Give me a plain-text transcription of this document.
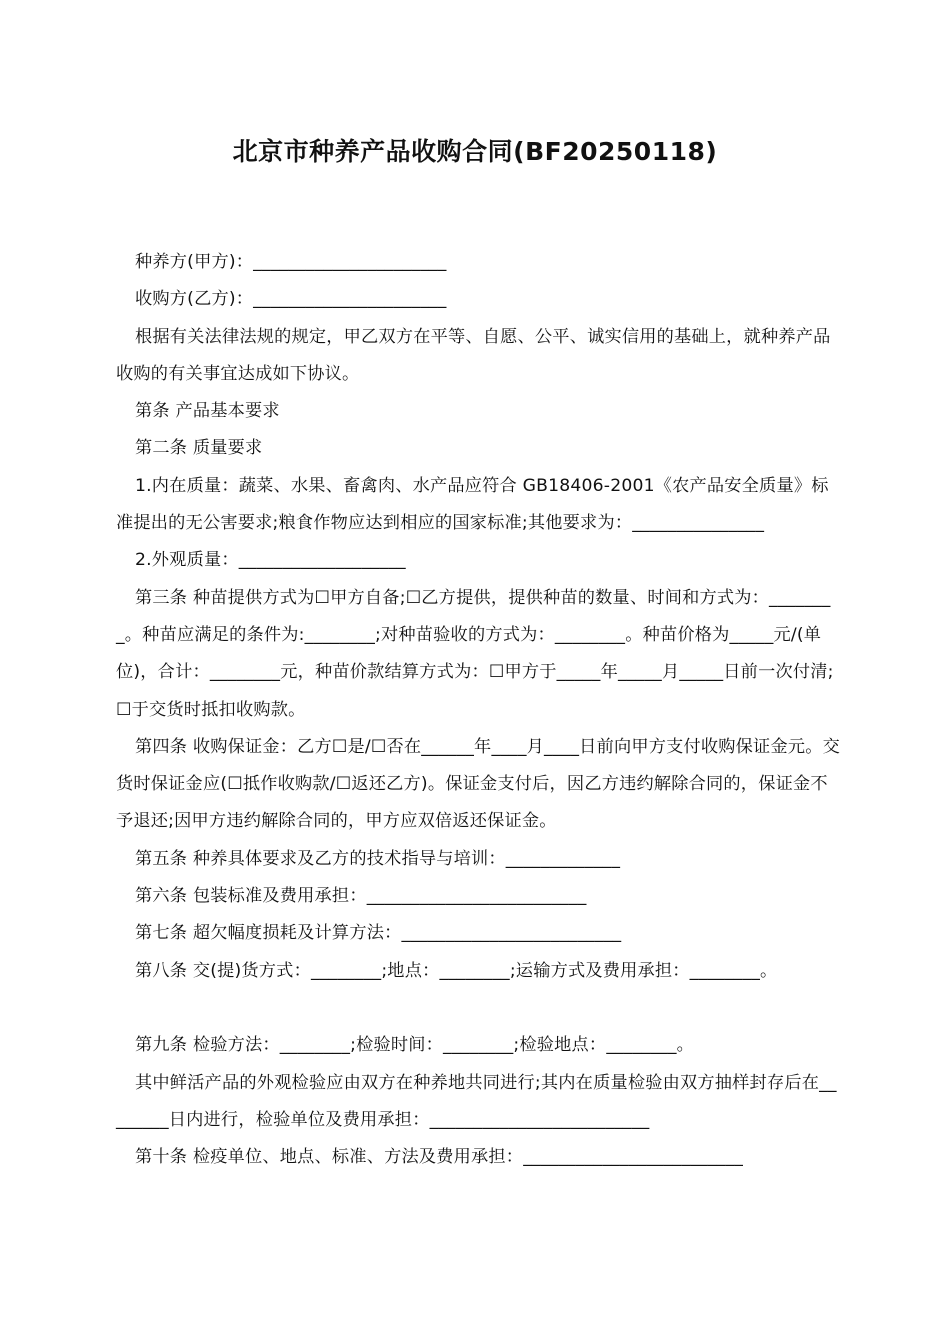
北京市种养产品收购合同(BF20250118)

种养方(甲方)：______________________

收购方(乙方)：______________________

根据有关法律法规的规定，甲乙双方在平等、自愿、公平、诚实信用的基础上，就种养产品收购的有关事宜达成如下协议。

第条 产品基本要求

第二条 质量要求

1.内在质量：蔬菜、水果、畜禽肉、水产品应符合 GB18406-2001《农产品安全质量》标准提出的无公害要求;粮食作物应达到相应的国家标准;其他要求为：_______________

2.外观质量：___________________

第三条 种苗提供方式为☐甲方自备;☐乙方提供，提供种苗的数量、时间和方式为：________。种苗应满足的条件为:________;对种苗验收的方式为：________。种苗价格为_____元/(单位)，合计：________元，种苗价款结算方式为：☐甲方于_____年_____月_____日前一次付清;☐于交货时抵扣收购款。

第四条 收购保证金：乙方☐是/☐否在______年____月____日前向甲方支付收购保证金元。交货时保证金应(☐抵作收购款/☐返还乙方)。保证金支付后，因乙方违约解除合同的，保证金不予退还;因甲方违约解除合同的，甲方应双倍返还保证金。

第五条 种养具体要求及乙方的技术指导与培训：_____________

第六条 包装标准及费用承担：_________________________

第七条 超欠幅度损耗及计算方法：_________________________

第八条 交(提)货方式：________;地点：________;运输方式及费用承担：________。

第九条 检验方法：________;检验时间：________;检验地点：________。

其中鲜活产品的外观检验应由双方在种养地共同进行;其内在质量检验由双方抽样封存后在________日内进行，检验单位及费用承担：_________________________

第十条 检疫单位、地点、标准、方法及费用承担：_________________________
